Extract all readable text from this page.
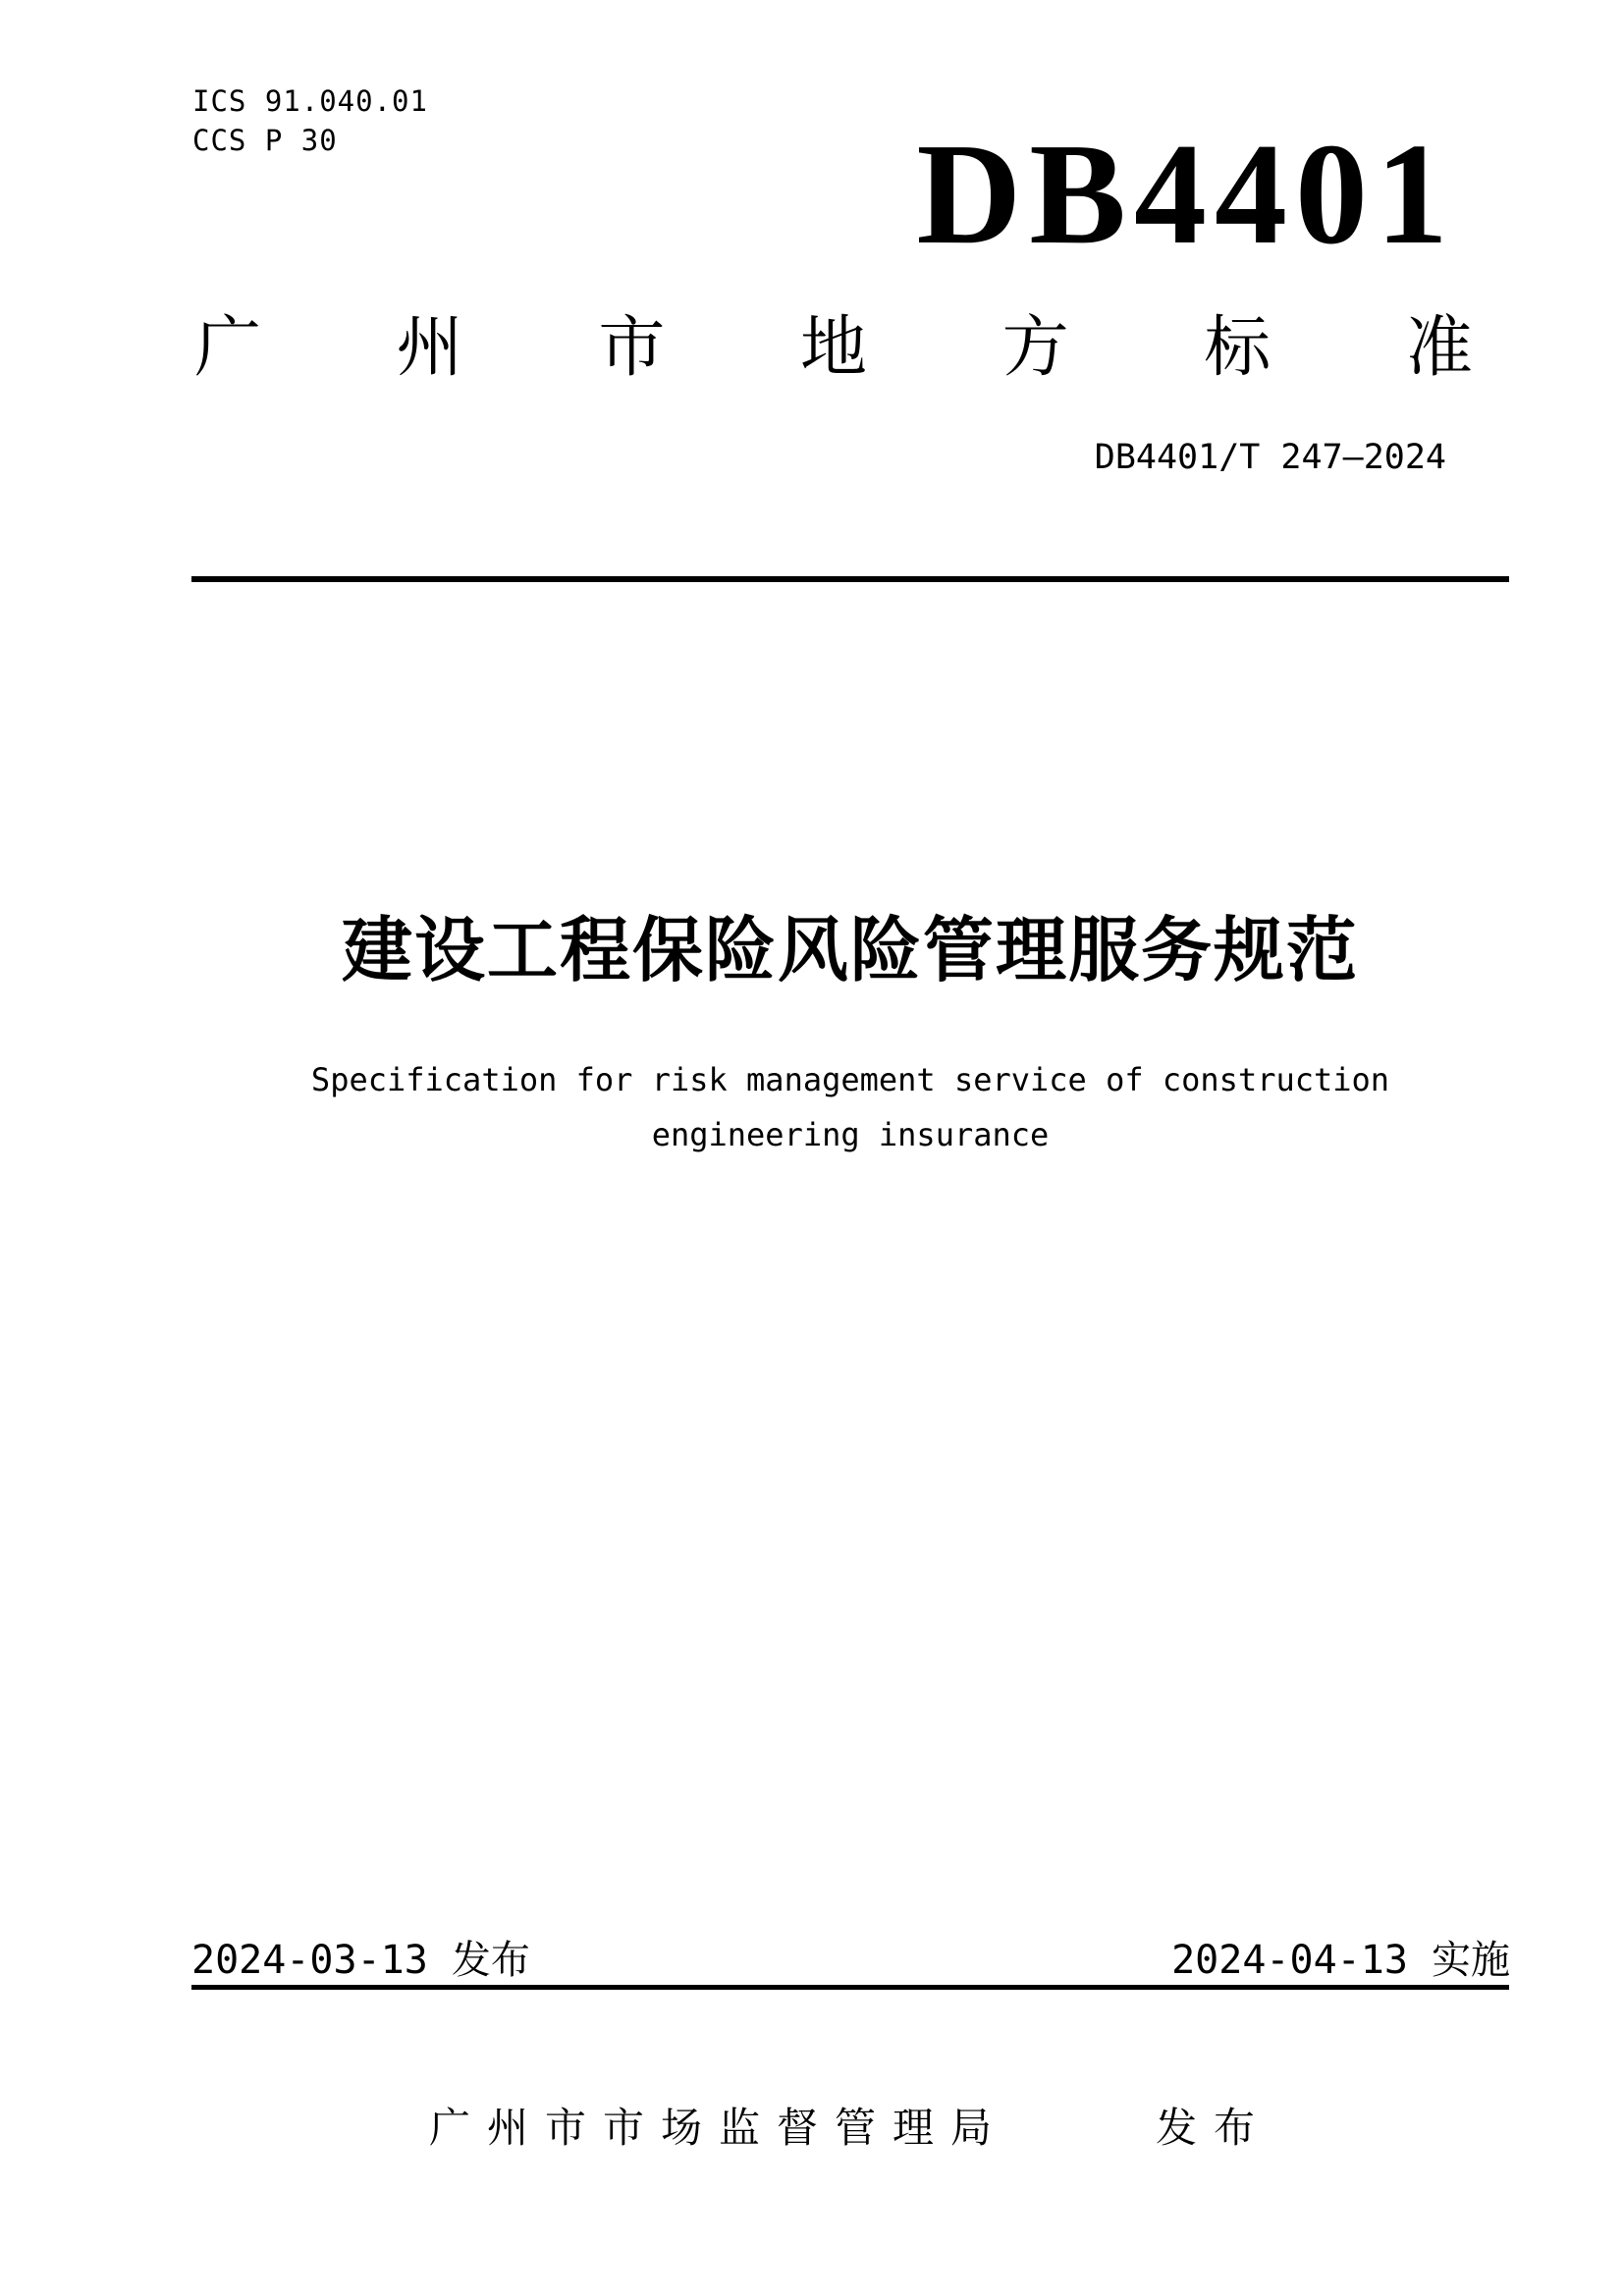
ICS 91.040.01
CCS P 30	DB4401
广 州 市 地 方 标 准
DB4401/T 247—2024
建设工程保险风险管理服务规范
Specification for risk management service of construction
engineering insurance
2024-03-13 发布	2024-04-13 实施
广州市市场监督管理局	发布
